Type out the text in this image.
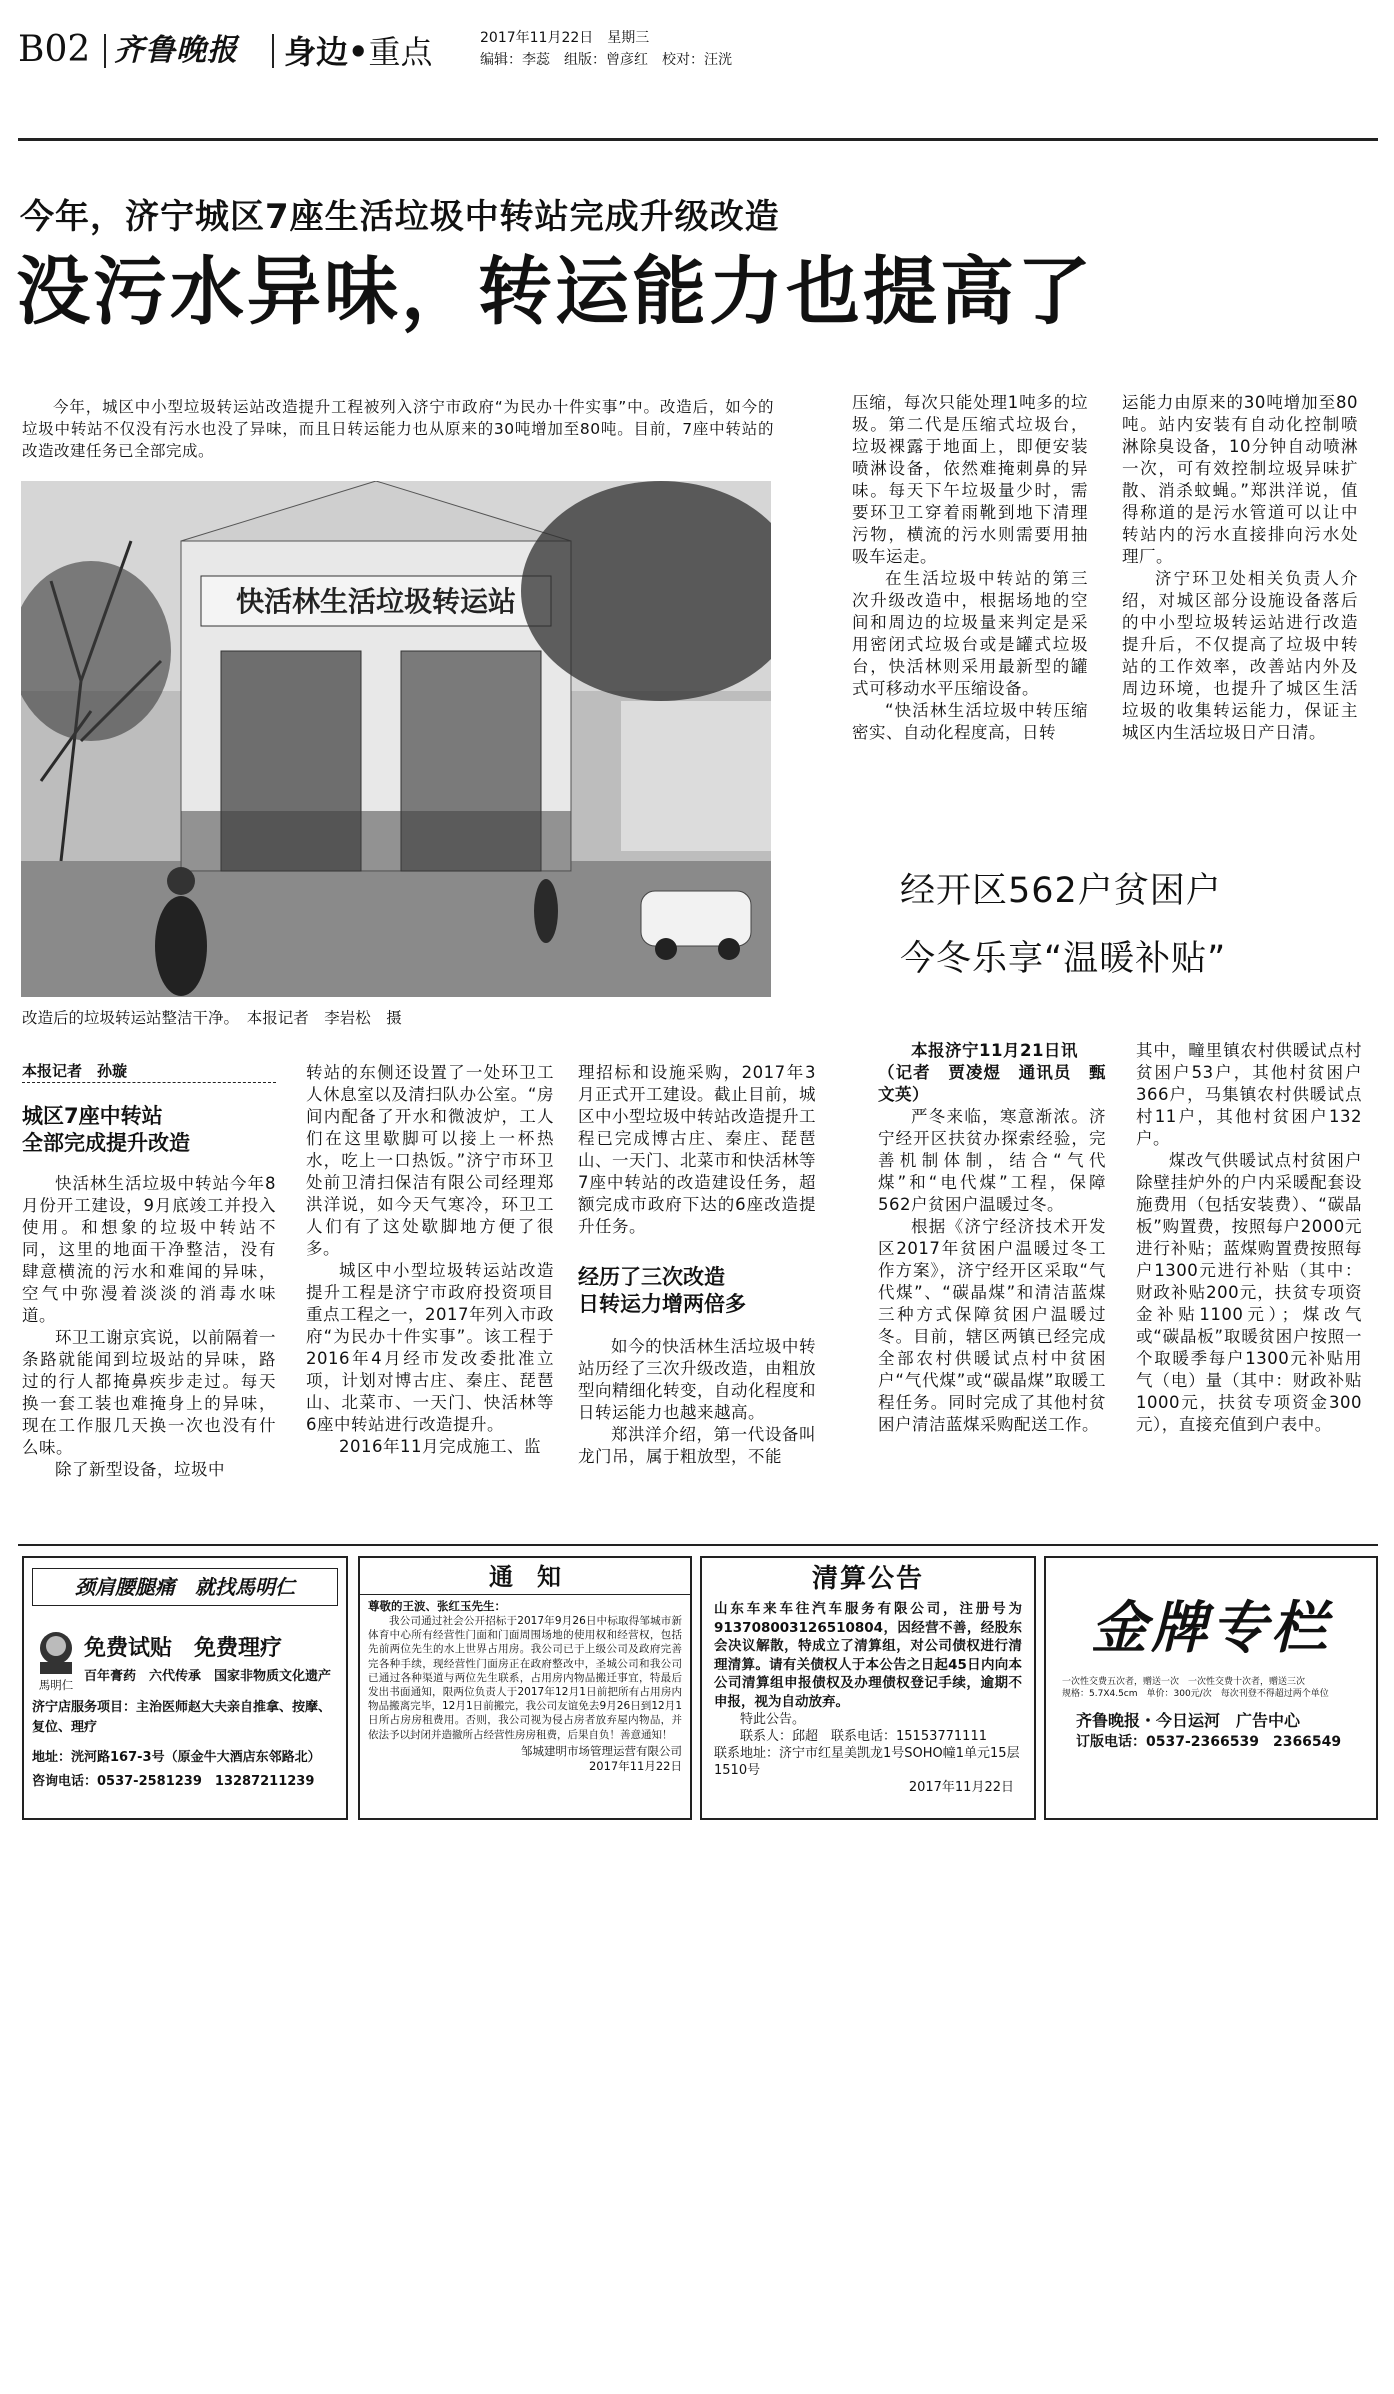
B02 齐鲁晚报 身边•重点	2017年11月22日　星期三
编辑：李蕊　组版：曾彦红　校对：汪洸
今年，济宁城区7座生活垃圾中转站完成升级改造
没污水异味，转运能力也提高了

今年，城区中小型垃圾转运站改造提升工程被列入济宁市政府“为民办十件实事”中。改造后，如今的垃圾中转站不仅没有污水也没了异味，而且日转运能力也从原来的30吨增加至80吨。目前，7座中转站的改造改建任务已全部完成。

快活林生活垃圾转运站
改造后的垃圾转运站整洁干净。　本报记者　李岩松　摄
本报记者　孙璇
城区7座中转站
全部完成提升改造

快活林生活垃圾中转站今年8月份开工建设，9月底竣工并投入使用。和想象的垃圾中转站不同，这里的地面干净整洁，没有肆意横流的污水和难闻的异味，空气中弥漫着淡淡的消毒水味道。

环卫工谢京宾说，以前隔着一条路就能闻到垃圾站的异味，路过的行人都掩鼻疾步走过。每天换一套工装也难掩身上的异味，现在工作服几天换一次也没有什么味。

除了新型设备，垃圾中

转站的东侧还设置了一处环卫工人休息室以及清扫队办公室。“房间内配备了开水和微波炉，工人们在这里歇脚可以接上一杯热水，吃上一口热饭。”济宁市环卫处前卫清扫保洁有限公司经理郑洪洋说，如今天气寒冷，环卫工人们有了这处歇脚地方便了很多。

城区中小型垃圾转运站改造提升工程是济宁市政府投资项目重点工程之一，2017年列入市政府“为民办十件实事”。该工程于2016年4月经市发改委批准立项，计划对博古庄、秦庄、琵琶山、北菜市、一天门、快活林等6座中转站进行改造提升。

2016年11月完成施工、监

理招标和设施采购，2017年3月正式开工建设。截止目前，城区中小型垃圾中转站改造提升工程已完成博古庄、秦庄、琵琶山、一天门、北菜市和快活林等7座中转站的改造建设任务，超额完成市政府下达的6座改造提升任务。

经历了三次改造
日转运力增两倍多

如今的快活林生活垃圾中转站历经了三次升级改造，由粗放型向精细化转变，自动化程度和日转运能力也越来越高。

郑洪洋介绍，第一代设备叫龙门吊，属于粗放型，不能

压缩，每次只能处理1吨多的垃圾。第二代是压缩式垃圾台，垃圾裸露于地面上，即便安装喷淋设备，依然难掩刺鼻的异味。每天下午垃圾量少时，需要环卫工穿着雨靴到地下清理污物，横流的污水则需要用抽吸车运走。

在生活垃圾中转站的第三次升级改造中，根据场地的空间和周边的垃圾量来判定是采用密闭式垃圾台或是罐式垃圾台，快活林则采用最新型的罐式可移动水平压缩设备。

“快活林生活垃圾中转压缩密实、自动化程度高，日转

运能力由原来的30吨增加至80吨。站内安装有自动化控制喷淋除臭设备，10分钟自动喷淋一次，可有效控制垃圾异味扩散、消杀蚊蝇。”郑洪洋说，值得称道的是污水管道可以让中转站内的污水直接排向污水处理厂。

济宁环卫处相关负责人介绍，对城区部分设施设备落后的中小型垃圾转运站进行改造提升后，不仅提高了垃圾中转站的工作效率，改善站内外及周边环境，也提升了城区生活垃圾的收集转运能力，保证主城区内生活垃圾日产日清。

经开区562户贫困户
今冬乐享“温暖补贴”

本报济宁11月21日讯

（记者　贾凌煜　通讯员　甄文英）

严冬来临，寒意渐浓。济宁经开区扶贫办探索经验，完善机制体制，结合“气代煤”和“电代煤”工程，保障562户贫困户温暖过冬。

根据《济宁经济技术开发区2017年贫困户温暖过冬工作方案》，济宁经开区采取“气代煤”、“碳晶煤”和清洁蓝煤三种方式保障贫困户温暖过冬。目前，辖区两镇已经完成全部农村供暖试点村中贫困户“气代煤”或“碳晶煤”取暖工程任务。同时完成了其他村贫困户清洁蓝煤采购配送工作。

其中，疃里镇农村供暖试点村贫困户53户，其他村贫困户366户，马集镇农村供暖试点村11户，其他村贫困户132户。

煤改气供暖试点村贫困户除壁挂炉外的户内采暖配套设施费用（包括安装费）、“碳晶板”购置费，按照每户2000元进行补贴；蓝煤购置费按照每户1300元进行补贴（其中：财政补贴200元，扶贫专项资金补贴1100元）；煤改气或“碳晶板”取暖贫困户按照一个取暖季每户1300元补贴用气（电）量（其中：财政补贴1000元，扶贫专项资金300元），直接充值到户表中。

颈肩腰腿痛　就找馬明仁
馬明仁
免费试贴　免费理疗
百年膏药　六代传承　国家非物质文化遗产
济宁店服务项目：主治医师赵大夫亲自推拿、按摩、复位、理疗
地址：洸河路167-3号（原金牛大酒店东邻路北）
咨询电话：0537-2581239　13287211239
通　知
尊敬的王波、张红玉先生：
我公司通过社会公开招标于2017年9月26日中标取得邹城市新体育中心所有经营性门面和门面周围场地的使用权和经营权，包括先前两位先生的水上世界占用房。我公司已于上级公司及政府完善完各种手续，现经营性门面房正在政府整改中，圣城公司和我公司已通过各种渠道与两位先生联系，占用房内物品搬迁事宜，特最后发出书面通知，限两位负责人于2017年12月1日前把所有占用房内物品搬离完毕，12月1日前搬完，我公司友谊免去9月26日到12月1日所占房房租费用。否则，我公司视为侵占房者放弃屋内物品，并依法予以封闭并造撤所占经营性房房租费，后果自负！善意通知！
邹城建明市场管理运营有限公司
2017年11月22日
清算公告
山东车来车往汽车服务有限公司，注册号为913708003126510804，因经营不善，经股东会决议解散，特成立了清算组，对公司债权进行清理清算。请有关债权人于本公告之日起45日内向本公司清算组申报债权及办理债权登记手续，逾期不申报，视为自动放弃。
特此公告。
联系人：邱超　联系电话：15153771111
联系地址：济宁市红星美凯龙1号SOHO幢1单元15层1510号
2017年11月22日
金牌专栏
一次性交费五次者，赠送一次　一次性交费十次者，赠送三次
规格：5.7X4.5cm　单价：300元/次　每次刊登不得超过两个单位
齐鲁晚报・今日运河　广告中心
订版电话：0537-2366539　2366549
